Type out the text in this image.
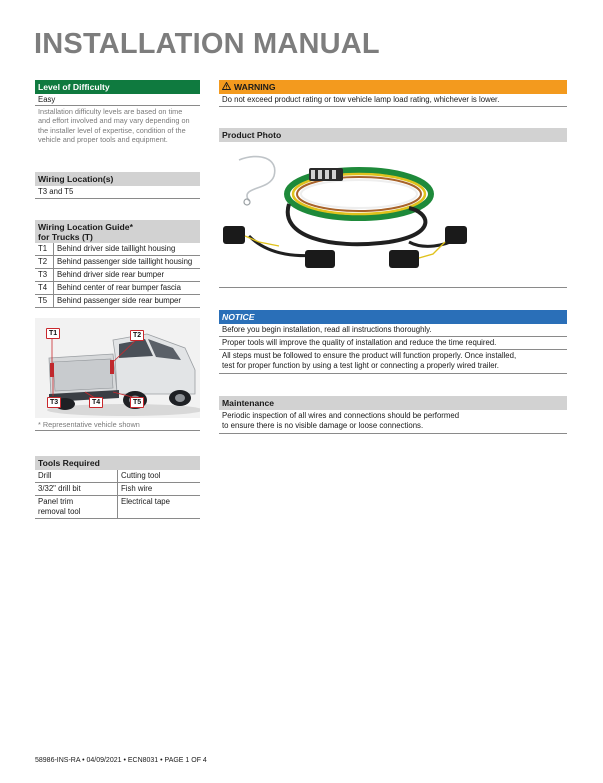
INSTALLATION MANUAL
Level of Difficulty
Easy
Installation difficulty levels are based on time
and effort involved and may vary depending on
the installer level of expertise, condition of the
vehicle and proper tools and equipment.
Wiring Location(s)
T3 and T5
Wiring Location Guide*
for Trucks (T)
T1	Behind driver side taillight housing
T2	Behind passenger side taillight housing
T3	Behind driver side rear bumper
T4	Behind center of rear bumper fascia
T5	Behind passenger side rear bumper
T1	T2
T3	T4	T5
* Representative vehicle shown
Tools Required
Drill	Cutting tool
3/32" drill bit	Fish wire
Panel trim
removal tool	Electrical tape
WARNING
Do not exceed product rating or tow vehicle lamp load rating, whichever is lower.
Product Photo
NOTICE
Before you begin installation, read all instructions thoroughly.
Proper tools will improve the quality of installation and reduce the time required.
All steps must be followed to ensure the product will function properly. Once installed,
test for proper function by using a test light or connecting a properly wired trailer.
Maintenance
Periodic inspection of all wires and connections should be performed
to ensure there is no visible damage or loose connections.
58986-INS-RA • 04/09/2021 • ECN8031 • PAGE 1 OF 4
